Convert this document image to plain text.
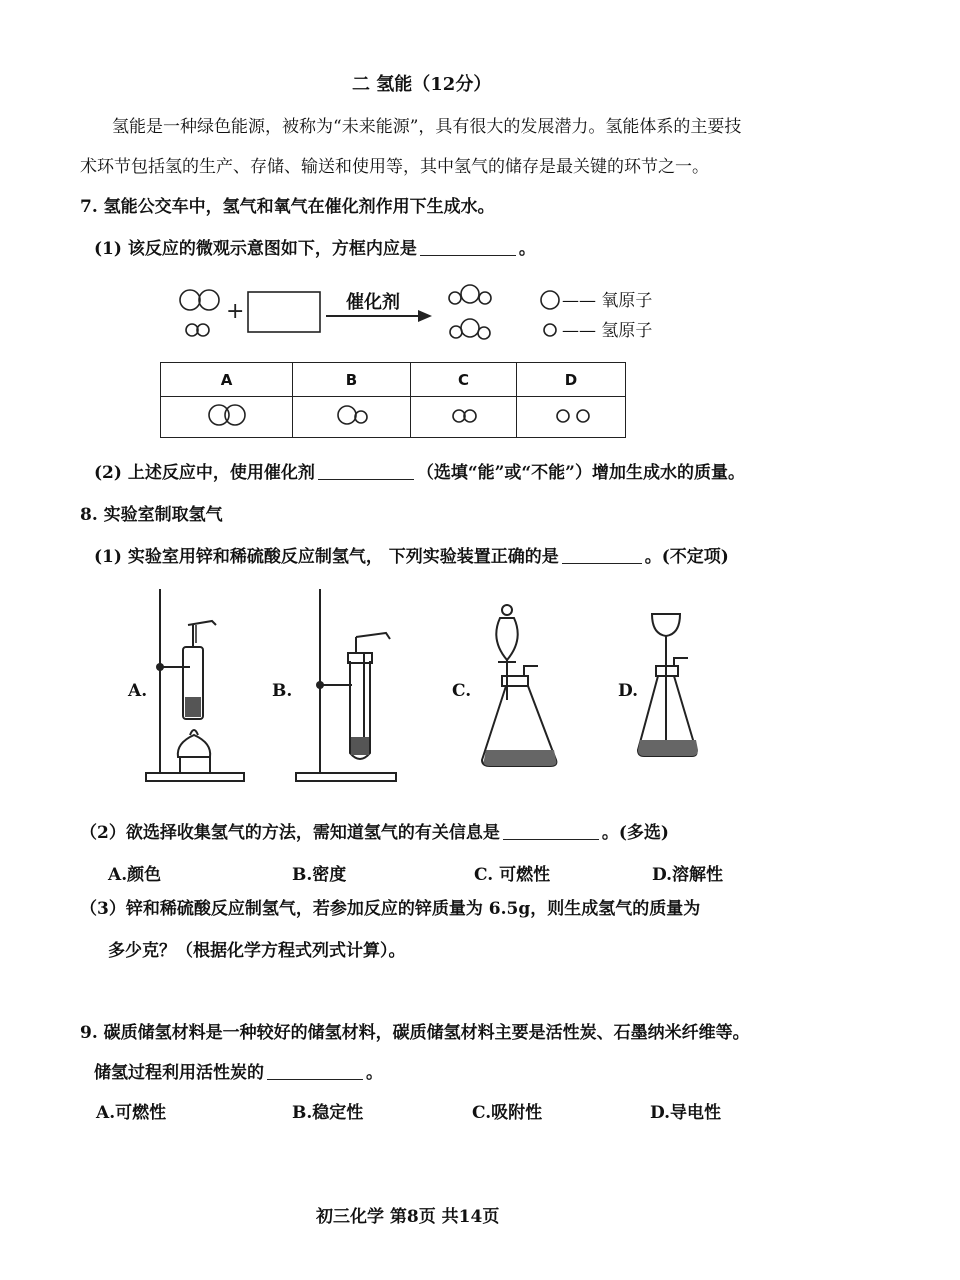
二 氢能（12分）
氢能是一种绿色能源，被称为“未来能源”，具有很大的发展潜力。氢能体系的主要技
术环节包括氢的生产、存储、输送和使用等，其中氢气的储存是最关键的环节之一。
7. 氢能公交车中，氢气和氧气在催化剂作用下生成水。
(1) 该反应的微观示意图如下，方框内应是	。
+	催化剂	—— 氧原子
—— 氢原子
A	B	C	D

(2) 上述反应中，使用催化剂	（选填“能”或“不能”）增加生成水的质量。
8. 实验室制取氢气
(1) 实验室用锌和稀硫酸反应制氢气， 下列实验装置正确的是	。(不定项)
A.	B.	C.	D.
（2）欲选择收集氢气的方法，需知道氢气的有关信息是	。(多选)
A.颜色	B.密度	C. 可燃性	D.溶解性
（3）锌和稀硫酸反应制氢气，若参加反应的锌质量为 6.5g，则生成氢气的质量为
多少克？（根据化学方程式列式计算）。
9. 碳质储氢材料是一种较好的储氢材料，碳质储氢材料主要是活性炭、石墨纳米纤维等。
储氢过程利用活性炭的	。
A.可燃性	B.稳定性	C.吸附性	D.导电性
初三化学 第8页 共14页
